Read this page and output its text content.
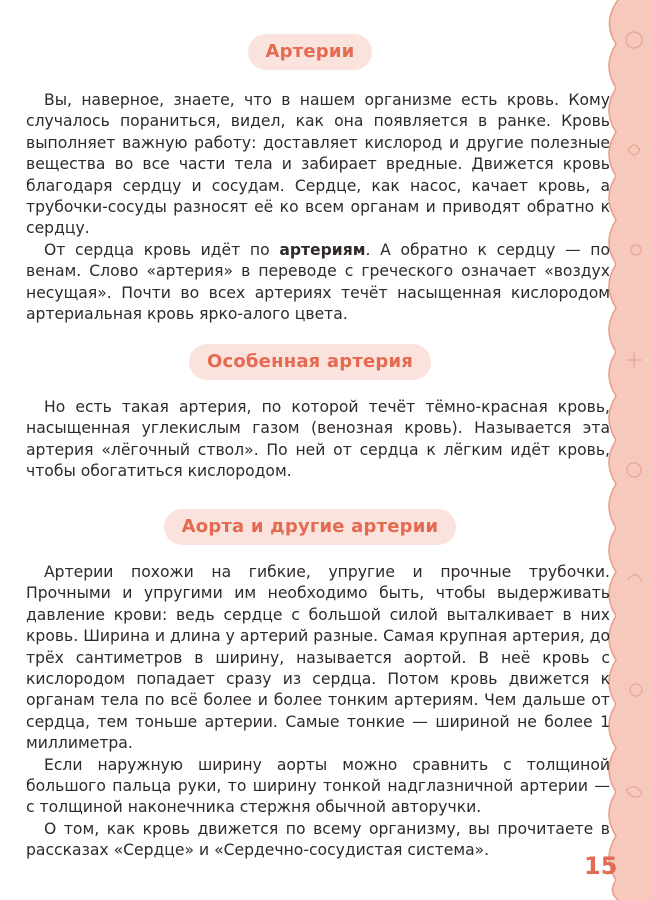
Артерии

Вы, наверное, знаете, что в нашем организме есть кровь. Кому случалось пораниться, видел, как она появляется в ранке. Кровь выполняет важную работу: доставляет кислород и другие полезные вещества во все части тела и забирает вредные. Движется кровь благодаря сердцу и сосудам. Сердце, как насос, качает кровь, а трубочки-сосуды разносят её ко всем органам и приводят обратно к сердцу.

От сердца кровь идёт по артериям. А обратно к сердцу — по венам. Слово «артерия» в переводе с греческого означает «воздух несущая». Почти во всех артериях течёт насыщенная кислородом артериальная кровь ярко-алого цвета.

Особенная артерия

Но есть такая артерия, по которой течёт тёмно-красная кровь, насыщенная углекислым газом (венозная кровь). Называется эта артерия «лёгочный ствол». По ней от сердца к лёгким идёт кровь, чтобы обогатиться кислородом.

Аорта и другие артерии

Артерии похожи на гибкие, упругие и прочные трубочки. Прочными и упругими им необходимо быть, чтобы выдерживать давление крови: ведь сердце с большой силой выталкивает в них кровь. Ширина и длина у артерий разные. Самая крупная артерия, до трёх сантиметров в ширину, называется аортой. В неё кровь с кислородом попадает сразу из сердца. Потом кровь движется к органам тела по всё более и более тонким артериям. Чем дальше от сердца, тем тоньше артерии. Самые тонкие — шириной не более 1 миллиметра.

Если наружную ширину аорты можно сравнить с толщиной большого пальца руки, то ширину тонкой надглазничной артерии — с толщиной наконечника стержня обычной авторучки.

О том, как кровь движется по всему организму, вы прочитаете в рассказах «Сердце» и «Сердечно-сосудистая система».

15
